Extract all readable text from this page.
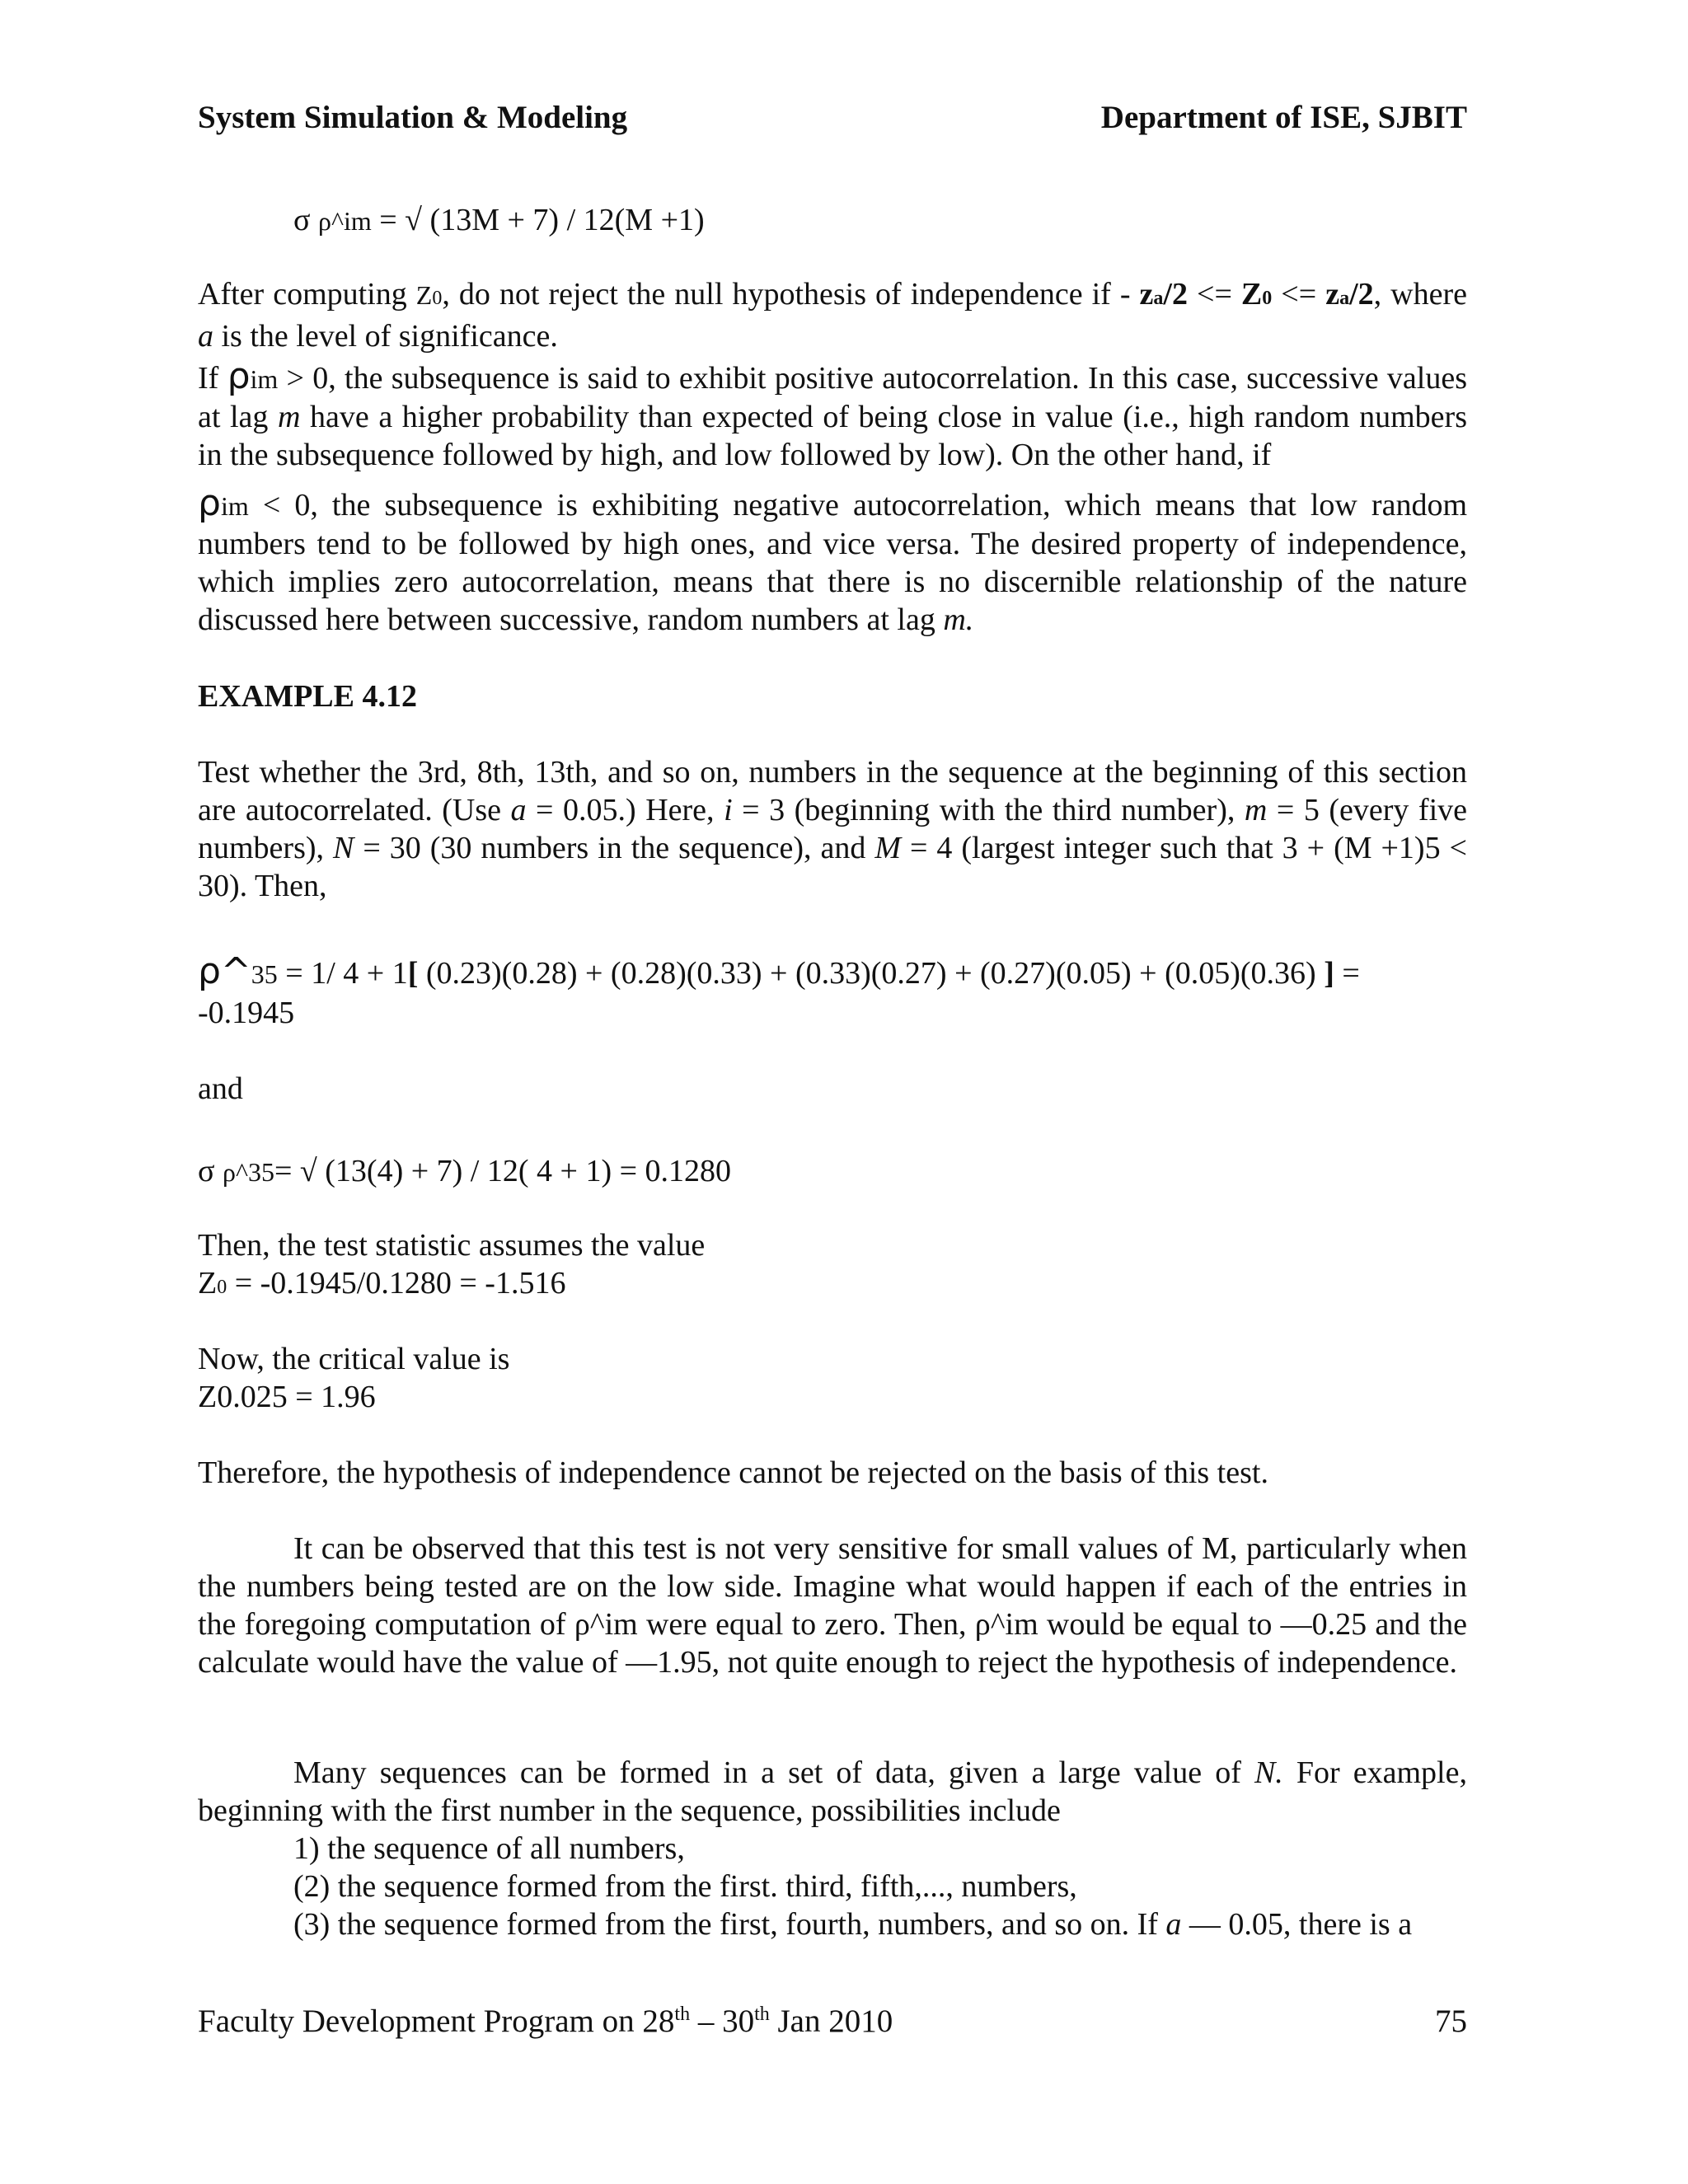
System Simulation & Modeling	Department of ISE, SJBIT
σ ρ^im = √ (13M + 7) / 12(M +1)
After computing Z0, do not reject the null hypothesis of independence if - za/2 <= Z0 <= za/2, where a is the level of significance.
If ρim > 0, the subsequence is said to exhibit positive autocorrelation. In this case, successive values at lag m have a higher probability than expected of being close in value (i.e., high random numbers in the subsequence followed by high, and low followed by low). On the other hand, if
ρim < 0, the subsequence is exhibiting negative autocorrelation, which means that low random numbers tend to be followed by high ones, and vice versa. The desired property of independence, which implies zero autocorrelation, means that there is no discernible relationship of the nature discussed here between successive, random numbers at lag m.
EXAMPLE 4.12
Test whether the 3rd, 8th, 13th, and so on, numbers in the sequence at the beginning of this section are autocorrelated. (Use a = 0.05.) Here, i = 3 (beginning with the third number), m = 5 (every five numbers), N = 30 (30 numbers in the sequence), and M = 4 (largest integer such that 3 + (M +1)5 < 30). Then,
ρ^35 = 1/ 4 + 1[ (0.23)(0.28) + (0.28)(0.33) + (0.33)(0.27) + (0.27)(0.05) + (0.05)(0.36) ] =
-0.1945
and
σ ρ^35= √ (13(4) + 7) / 12( 4 + 1) = 0.1280
Then, the test statistic assumes the value
Z0 = -0.1945/0.1280 = -1.516
Now, the critical value is
Z0.025 = 1.96
Therefore, the hypothesis of independence cannot be rejected on the basis of this test.
It can be observed that this test is not very sensitive for small values of M, particularly when the numbers being tested are on the low side. Imagine what would happen if each of the entries in the foregoing computation of ρ^im were equal to zero. Then, ρ^im would be equal to —0.25 and the calculate would have the value of —1.95, not quite enough to reject the hypothesis of independence.
Many sequences can be formed in a set of data, given a large value of N. For example, beginning with the first number in the sequence, possibilities include
1) the sequence of all numbers,
(2) the sequence formed from the first. third, fifth,..., numbers,
(3) the sequence formed from the first, fourth, numbers, and so on. If a — 0.05, there is a
Faculty Development Program on 28th – 30th Jan 2010	75
